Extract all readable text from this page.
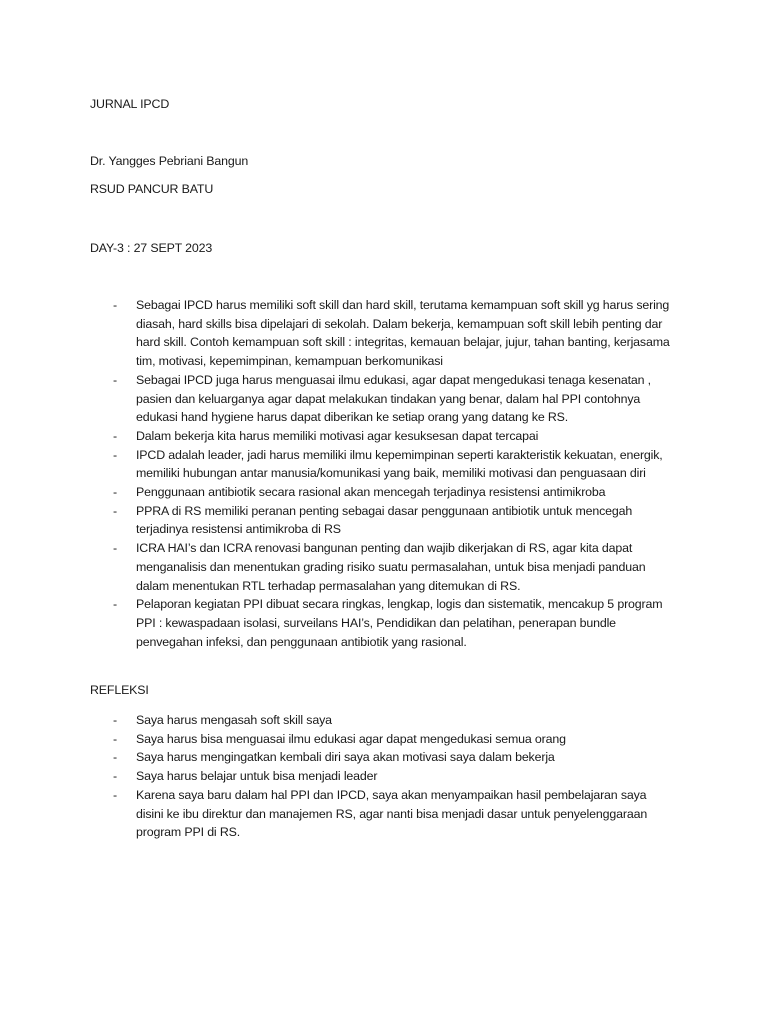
JURNAL IPCD
Dr. Yangges Pebriani Bangun
RSUD PANCUR BATU
DAY-3 : 27 SEPT 2023
- Sebagai IPCD harus memiliki soft skill dan hard skill, terutama kemampuan soft skill yg harus sering diasah, hard skills bisa dipelajari di sekolah. Dalam bekerja, kemampuan soft skill lebih penting dar hard skill. Contoh kemampuan soft skill : integritas, kemauan belajar, jujur, tahan banting, kerjasama tim, motivasi, kepemimpinan, kemampuan berkomunikasi
- Sebagai IPCD juga harus menguasai ilmu edukasi, agar dapat mengedukasi tenaga kesenatan , pasien dan keluarganya agar dapat melakukan tindakan yang benar, dalam hal PPI contohnya edukasi hand hygiene harus dapat diberikan ke setiap orang yang datang ke RS.
- Dalam bekerja kita harus memiliki motivasi agar kesuksesan dapat tercapai
- IPCD adalah leader, jadi harus memiliki ilmu kepemimpinan seperti karakteristik kekuatan, energik, memiliki hubungan antar manusia/komunikasi yang baik, memiliki motivasi dan penguasaan diri
- Penggunaan antibiotik secara rasional akan mencegah terjadinya resistensi antimikroba
- PPRA di RS memiliki peranan penting sebagai dasar penggunaan antibiotik untuk mencegah terjadinya resistensi antimikroba di RS
- ICRA HAI’s dan ICRA renovasi bangunan penting dan wajib dikerjakan di RS, agar kita dapat menganalisis dan menentukan grading risiko suatu permasalahan, untuk bisa menjadi panduan dalam menentukan RTL terhadap permasalahan yang ditemukan di RS.
- Pelaporan kegiatan PPI dibuat secara ringkas, lengkap, logis dan sistematik, mencakup 5 program PPI : kewaspadaan isolasi, surveilans HAI’s, Pendidikan dan pelatihan, penerapan bundle penvegahan infeksi, dan penggunaan antibiotik yang rasional.
REFLEKSI
- Saya harus mengasah soft skill saya
- Saya harus bisa menguasai ilmu edukasi agar dapat mengedukasi semua orang
- Saya harus mengingatkan kembali diri saya akan motivasi saya dalam bekerja
- Saya harus belajar untuk bisa menjadi leader
- Karena saya baru dalam hal PPI dan IPCD, saya akan menyampaikan hasil pembelajaran saya disini ke ibu direktur dan manajemen RS, agar nanti bisa menjadi dasar untuk penyelenggaraan program PPI di RS.
